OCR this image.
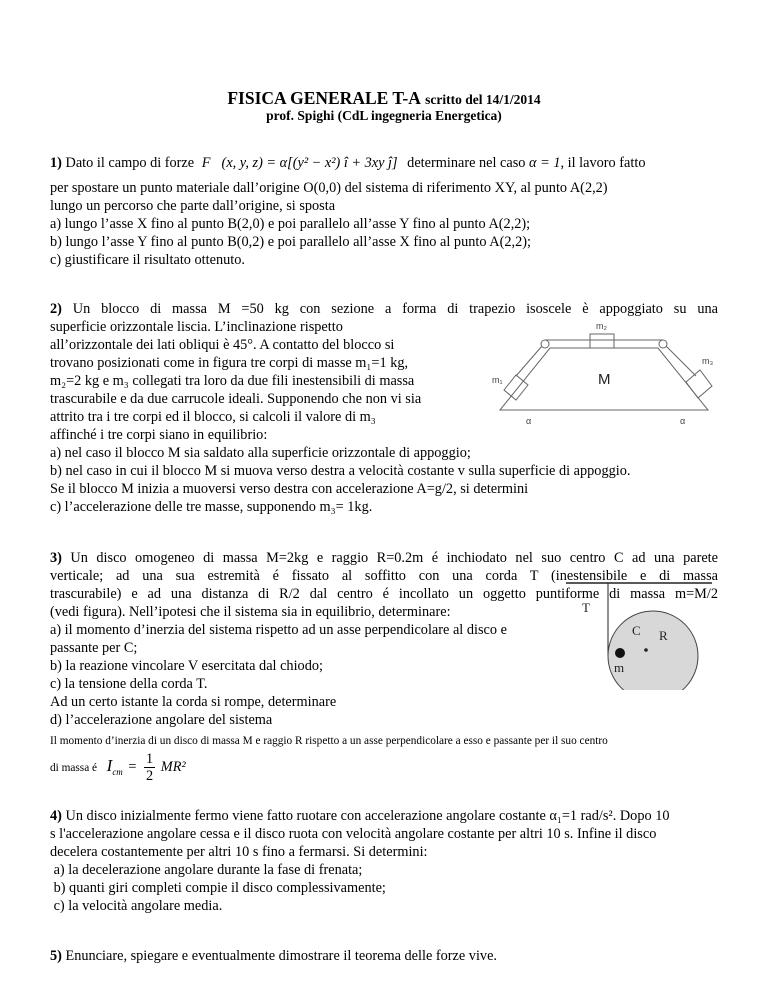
FISICA GENERALE T-A scritto del 14/1/2014
prof. Spighi (CdL ingegneria Energetica)
1) Dato il campo di forze F⃗(x, y, z) = α[(y² − x²) î + 3xy ĵ] determinare nel caso α = 1, il lavoro fatto
per spostare un punto materiale dall’origine O(0,0) del sistema di riferimento XY, al punto A(2,2)
lungo un percorso che parte dall’origine, si sposta
a) lungo l’asse X fino al punto B(2,0) e poi parallelo all’asse Y fino al punto A(2,2);
b) lungo l’asse Y fino al punto B(0,2) e poi parallelo all’asse X fino al punto A(2,2);
c) giustificare il risultato ottenuto.
2) Un blocco di massa M =50 kg con sezione a forma di trapezio isoscele è appoggiato su una
superficie orizzontale liscia. L’inclinazione rispetto
all’orizzontale dei lati obliqui è 45°. A contatto del blocco si
trovano posizionati come in figura tre corpi di masse m₁=1 kg,
m₂=2 kg e m₃ collegati tra loro da due fili inestensibili di massa
trascurabile e da due carrucole ideali. Supponendo che non vi sia
attrito tra i tre corpi ed il blocco, si calcoli il valore di m₃
affinché i tre corpi siano in equilibrio:
a) nel caso il blocco M sia saldato alla superficie orizzontale di appoggio;
b) nel caso in cui il blocco M si muova verso destra a velocità costante v sulla superficie di appoggio.
Se il blocco M inizia a muoversi verso destra con accelerazione A=g/2, si determini
c) l’accelerazione delle tre masse, supponendo m₃= 1kg.
m₂
m₁
m₃
M
α	α
3) Un disco omogeneo di massa M=2kg e raggio R=0.2m é inchiodato nel suo centro C ad una parete
verticale; ad una sua estremità é fissato al soffitto con una corda T (inestensibile e di massa
trascurabile) e ad una distanza di R/2 dal centro é incollato un oggetto puntiforme di massa m=M/2
(vedi figura). Nell’ipotesi che il sistema sia in equilibrio, determinare:
a) il momento d’inerzia del sistema rispetto ad un asse perpendicolare al disco e
passante per C;
b) la reazione vincolare V esercitata dal chiodo;
c) la tensione della corda T.
Ad un certo istante la corda si rompe, determinare
d) l’accelerazione angolare del sistema
Il momento d’inerzia di un disco di massa M e raggio R rispetto a un asse perpendicolare a esso e passante per il suo centro
di massa é $I_{cm} = \frac{1}{2} MR^2$
T
C R
m
4) Un disco inizialmente fermo viene fatto ruotare con accelerazione angolare costante α₁=1 rad/s². Dopo 10
s l'accelerazione angolare cessa e il disco ruota con velocità angolare costante per altri 10 s. Infine il disco
decelera costantemente per altri 10 s fino a fermarsi. Si determini:
a) la decelerazione angolare durante la fase di frenata;
b) quanti giri completi compie il disco complessivamente;
c) la velocità angolare media.
5) Enunciare, spiegare e eventualmente dimostrare il teorema delle forze vive.
